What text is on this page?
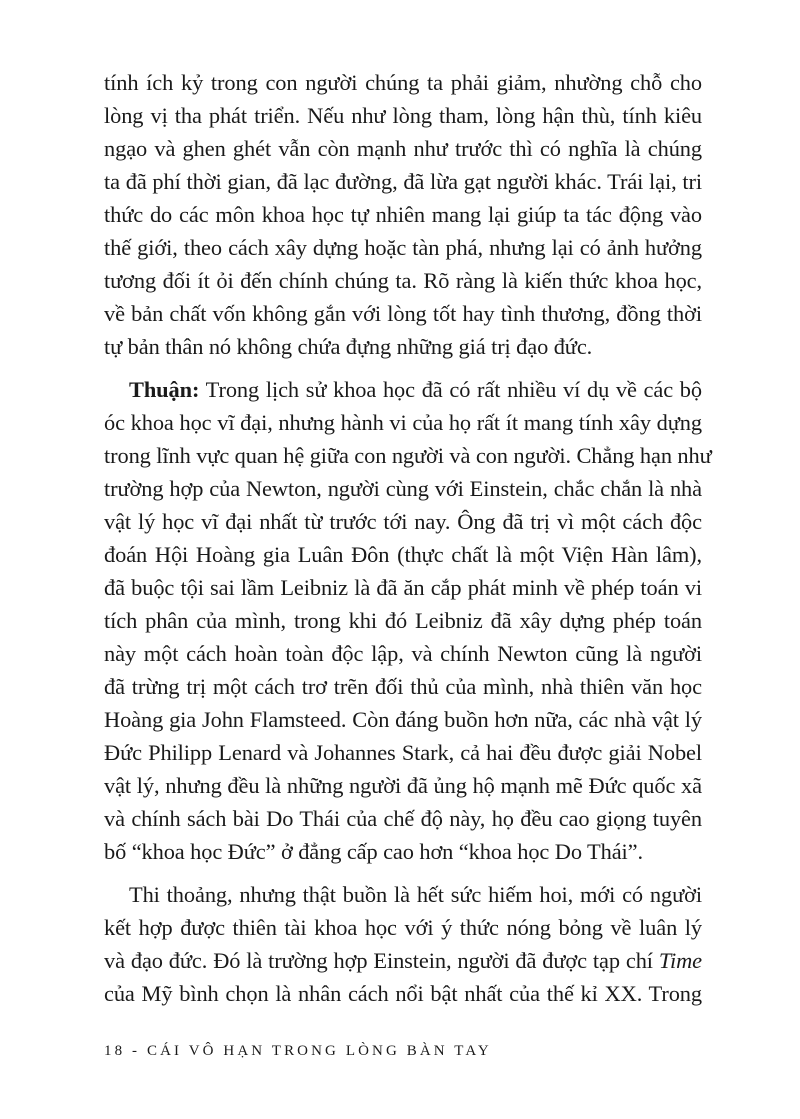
tính ích kỷ trong con người chúng ta phải giảm, nhường chỗ cho
lòng vị tha phát triển. Nếu như lòng tham, lòng hận thù, tính kiêu
ngạo và ghen ghét vẫn còn mạnh như trước thì có nghĩa là chúng
ta đã phí thời gian, đã lạc đường, đã lừa gạt người khác. Trái lại, tri
thức do các môn khoa học tự nhiên mang lại giúp ta tác động vào
thế giới, theo cách xây dựng hoặc tàn phá, nhưng lại có ảnh hưởng
tương đối ít ỏi đến chính chúng ta. Rõ ràng là kiến thức khoa học,
về bản chất vốn không gắn với lòng tốt hay tình thương, đồng thời
tự bản thân nó không chứa đựng những giá trị đạo đức.

Thuận: Trong lịch sử khoa học đã có rất nhiều ví dụ về các bộ
óc khoa học vĩ đại, nhưng hành vi của họ rất ít mang tính xây dựng
trong lĩnh vực quan hệ giữa con người và con người. Chẳng hạn như
trường hợp của Newton, người cùng với Einstein, chắc chắn là nhà
vật lý học vĩ đại nhất từ trước tới nay. Ông đã trị vì một cách độc
đoán Hội Hoàng gia Luân Đôn (thực chất là một Viện Hàn lâm),
đã buộc tội sai lầm Leibniz là đã ăn cắp phát minh về phép toán vi
tích phân của mình, trong khi đó Leibniz đã xây dựng phép toán
này một cách hoàn toàn độc lập, và chính Newton cũng là người
đã trừng trị một cách trơ trẽn đối thủ của mình, nhà thiên văn học
Hoàng gia John Flamsteed. Còn đáng buồn hơn nữa, các nhà vật lý
Đức Philipp Lenard và Johannes Stark, cả hai đều được giải Nobel
vật lý, nhưng đều là những người đã ủng hộ mạnh mẽ Đức quốc xã
và chính sách bài Do Thái của chế độ này, họ đều cao giọng tuyên
bố “khoa học Đức” ở đẳng cấp cao hơn “khoa học Do Thái”.

Thi thoảng, nhưng thật buồn là hết sức hiếm hoi, mới có người
kết hợp được thiên tài khoa học với ý thức nóng bỏng về luân lý
và đạo đức. Đó là trường hợp Einstein, người đã được tạp chí Time
của Mỹ bình chọn là nhân cách nổi bật nhất của thế kỉ XX. Trong

18 - CÁI VÔ HẠN TRONG LÒNG BÀN TAY
